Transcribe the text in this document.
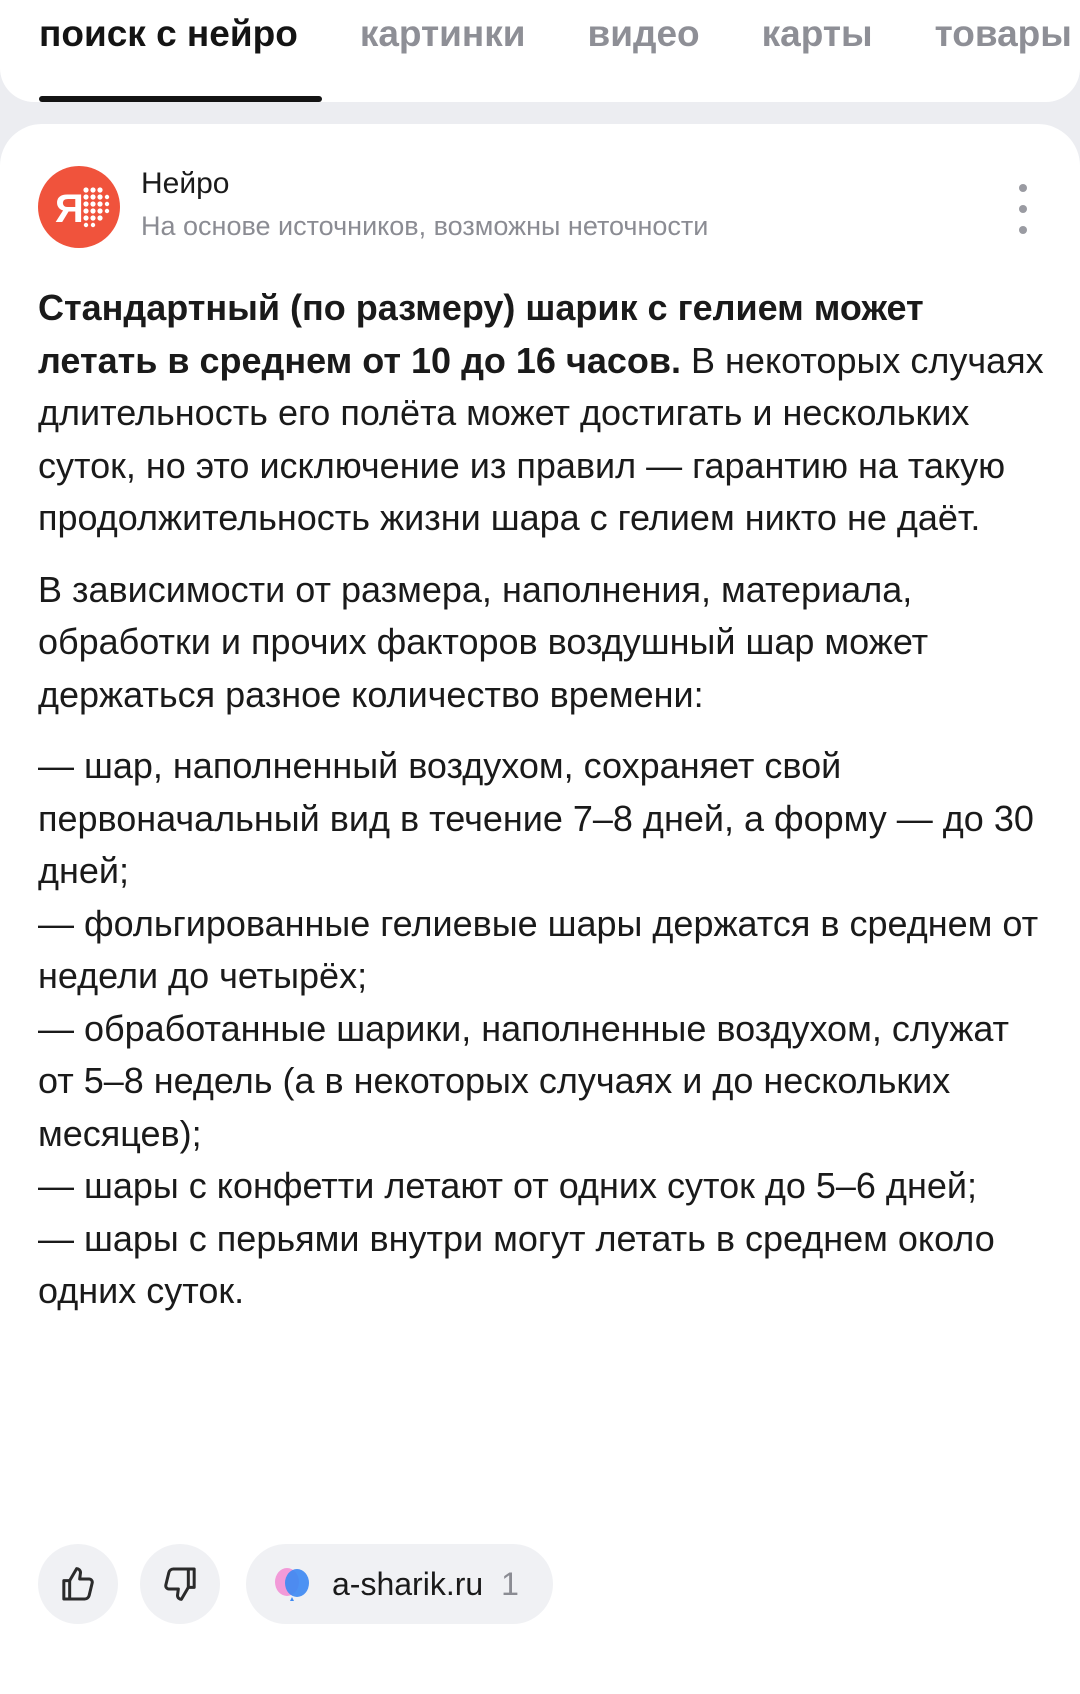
поиск с нейро картинки видео карты товары
Я
Нейро
На основе источников, возможны неточности

Стандартный (по размеру) шарик с гелием может летать в среднем от 10 до 16 часов. В некоторых случаях длительность его полёта может достигать и нескольких суток, но это исключение из правил — гарантию на такую продолжительность жизни шара с гелием никто не даёт.

В зависимости от размера, наполнения, материала, обработки и прочих факторов воздушный шар может держаться разное количество времени:

— шар, наполненный воздухом, сохраняет свой первоначальный вид в течение 7–8 дней, а форму — до 30 дней;

— фольгированные гелиевые шары держатся в среднем от недели до четырёх;

— обработанные шарики, наполненные воздухом, служат от 5–8 недель (а в некоторых случаях и до нескольких месяцев);

— шары с конфетти летают от одних суток до 5–6 дней;

— шары с перьями внутри могут летать в среднем около одних суток.

a-sharik.ru 1
